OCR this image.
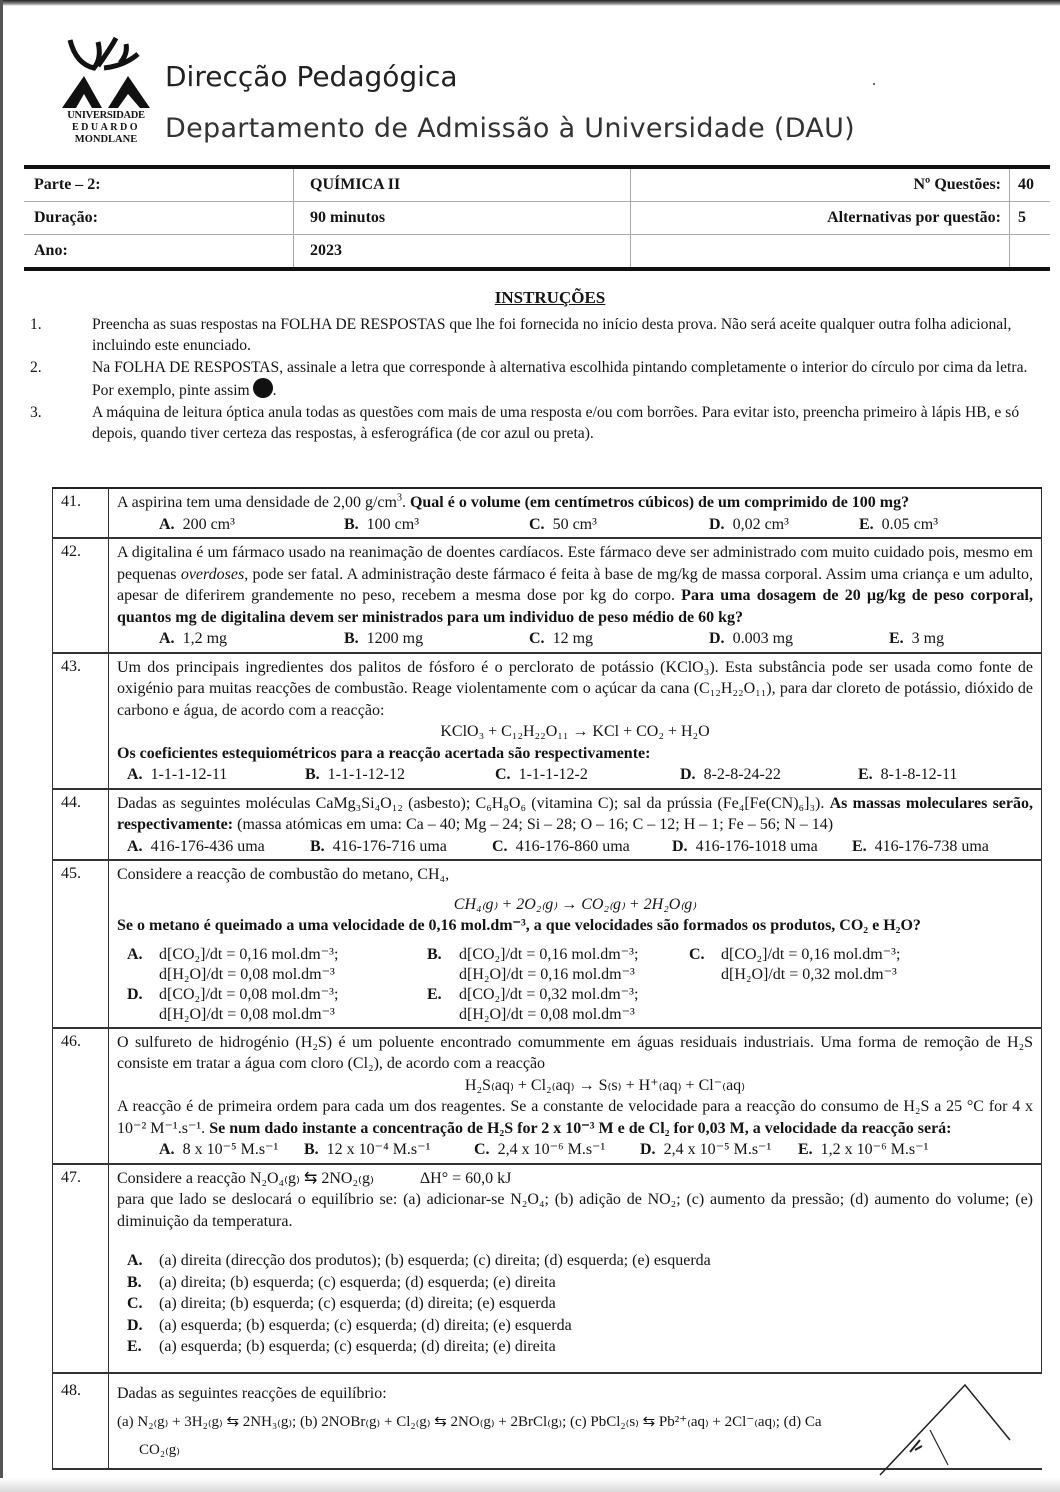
UNIVERSIDADE
EDUARDO
MONDLANE
Direcção Pedagógica
Departamento de Admissão à Universidade (DAU)
Parte – 2:	QUÍMICA II	Nº Questões:	40
Duração:	90 minutos	Alternativas por questão:	5
Ano:	2023
INSTRUÇÕES
1.	Preencha as suas respostas na FOLHA DE RESPOSTAS que lhe foi fornecida no início desta prova. Não será aceite qualquer outra folha adicional, incluindo este enunciado.
2.	Na FOLHA DE RESPOSTAS, assinale a letra que corresponde à alternativa escolhida pintando completamente o interior do círculo por cima da letra. Por exemplo, pinte assim .
3.	A máquina de leitura óptica anula todas as questões com mais de uma resposta e/ou com borrões. Para evitar isto, preencha primeiro à lápis HB, e só depois, quando tiver certeza das respostas, à esferográfica (de cor azul ou preta).
41.	A aspirina tem uma densidade de 2,00 $g/cm^3$. Qual é o volume (em centímetros cúbicos) de um comprimido de 100 mg?
A. 200 cm³	B. 100 cm³	C. 50 cm³	D. 0,02 cm³	E. 0.05 cm³
42.	A digitalina é um fármaco usado na reanimação de doentes cardíacos. Este fármaco deve ser administrado com muito cuidado pois, mesmo em pequenas overdoses, pode ser fatal. A administração deste fármaco é feita à base de mg/kg de massa corporal. Assim uma criança e um adulto, apesar de diferirem grandemente no peso, recebem a mesma dose por kg do corpo. Para uma dosagem de 20 µg/kg de peso corporal, quantos mg de digitalina devem ser ministrados para um individuo de peso médio de 60 kg?
A. 1,2 mg	B. 1200 mg	C. 12 mg	D. 0.003 mg	E. 3 mg
43.	Um dos principais ingredientes dos palitos de fósforo é o perclorato de potássio (KClO₃). Esta substância pode ser usada como fonte de oxigénio para muitas reacções de combustão. Reage violentamente com o açúcar da cana (C₁₂H₂₂O₁₁), para dar cloreto de potássio, dióxido de carbono e água, de acordo com a reacção:
KClO₃ + C₁₂H₂₂O₁₁ → KCl + CO₂ + H₂O
Os coeficientes estequiométricos para a reacção acertada são respectivamente:
A. 1-1-1-12-11	B. 1-1-1-12-12	C. 1-1-1-12-2	D. 8-2-8-24-22	E. 8-1-8-12-11
44.	Dadas as seguintes moléculas CaMg₃Si₄O₁₂ (asbesto); C₆H₈O₆ (vitamina C); sal da prússia (Fe₄[Fe(CN)₆]₃). As massas moleculares serão, respectivamente: (massa atómicas em uma: Ca – 40; Mg – 24; Si – 28; O – 16; C – 12; H – 1; Fe – 56; N – 14)
A. 416-176-436 uma	B. 416-176-716 uma	C. 416-176-860 uma	D. 416-176-1018 uma E. 416-176-738 uma
45.	Considere a reacção de combustão do metano, CH₄,
CH₄₍g₎ + 2O₂₍g₎ → CO₂₍g₎ + 2H₂O₍g₎
Se o metano é queimado a uma velocidade de 0,16 mol.dm⁻³, a que velocidades são formados os produtos, CO₂ e H₂O?
A.	d[CO₂]/dt = 0,16 mol.dm⁻³;
d[H₂O]/dt = 0,08 mol.dm⁻³
B.	d[CO₂]/dt = 0,16 mol.dm⁻³;
d[H₂O]/dt = 0,16 mol.dm⁻³
C.	d[CO₂]/dt = 0,16 mol.dm⁻³;
d[H₂O]/dt = 0,32 mol.dm⁻³
D.	d[CO₂]/dt = 0,08 mol.dm⁻³;
d[H₂O]/dt = 0,08 mol.dm⁻³
E.	d[CO₂]/dt = 0,32 mol.dm⁻³;
d[H₂O]/dt = 0,08 mol.dm⁻³
46.	O sulfureto de hidrogénio (H₂S) é um poluente encontrado comummente em águas residuais industriais. Uma forma de remoção de H₂S consiste em tratar a água com cloro (Cl₂), de acordo com a reacção
H₂S₍aq₎ + Cl₂₍aq₎ → S₍s₎ + H⁺₍aq₎ + Cl⁻₍aq₎
A reacção é de primeira ordem para cada um dos reagentes. Se a constante de velocidade para a reacção do consumo de H₂S a 25 °C for 4 x 10⁻² M⁻¹.s⁻¹. Se num dado instante a concentração de H₂S for 2 x 10⁻³ M e de Cl₂ for 0,03 M, a velocidade da reacção será:
A. 8 x 10⁻⁵ M.s⁻¹ B. 12 x 10⁻⁴ M.s⁻¹	C. 2,4 x 10⁻⁶ M.s⁻¹ D. 2,4 x 10⁻⁵ M.s⁻¹ E. 1,2 x 10⁻⁶ M.s⁻¹
47.	Considere a reacção N₂O₄₍g₎ ⇆ 2NO₂₍g₎	ΔH° = 60,0 kJ
para que lado se deslocará o equilíbrio se: (a) adicionar-se N₂O₄; (b) adição de NO₂; (c) aumento da pressão; (d) aumento do volume; (e) diminuição da temperatura.
A.	(a) direita (direcção dos produtos); (b) esquerda; (c) direita; (d) esquerda; (e) esquerda
B.	(a) direita; (b) esquerda; (c) esquerda; (d) esquerda; (e) direita
C.	(a) direita; (b) esquerda; (c) esquerda; (d) direita; (e) esquerda
D.	(a) esquerda; (b) esquerda; (c) esquerda; (d) direita; (e) esquerda
E.	(a) esquerda; (b) esquerda; (c) esquerda; (d) direita; (e) direita
48.	Dadas as seguintes reacções de equilíbrio:
(a) N₂₍g₎ + 3H₂₍g₎ ⇆ 2NH₃₍g₎; (b) 2NOBr₍g₎ + Cl₂₍g₎ ⇆ 2NO₍g₎ + 2BrCl₍g₎; (c) PbCl₂₍s₎ ⇆ Pb²⁺₍aq₎ + 2Cl⁻₍aq₎; (d) Ca
CO₂₍g₎
